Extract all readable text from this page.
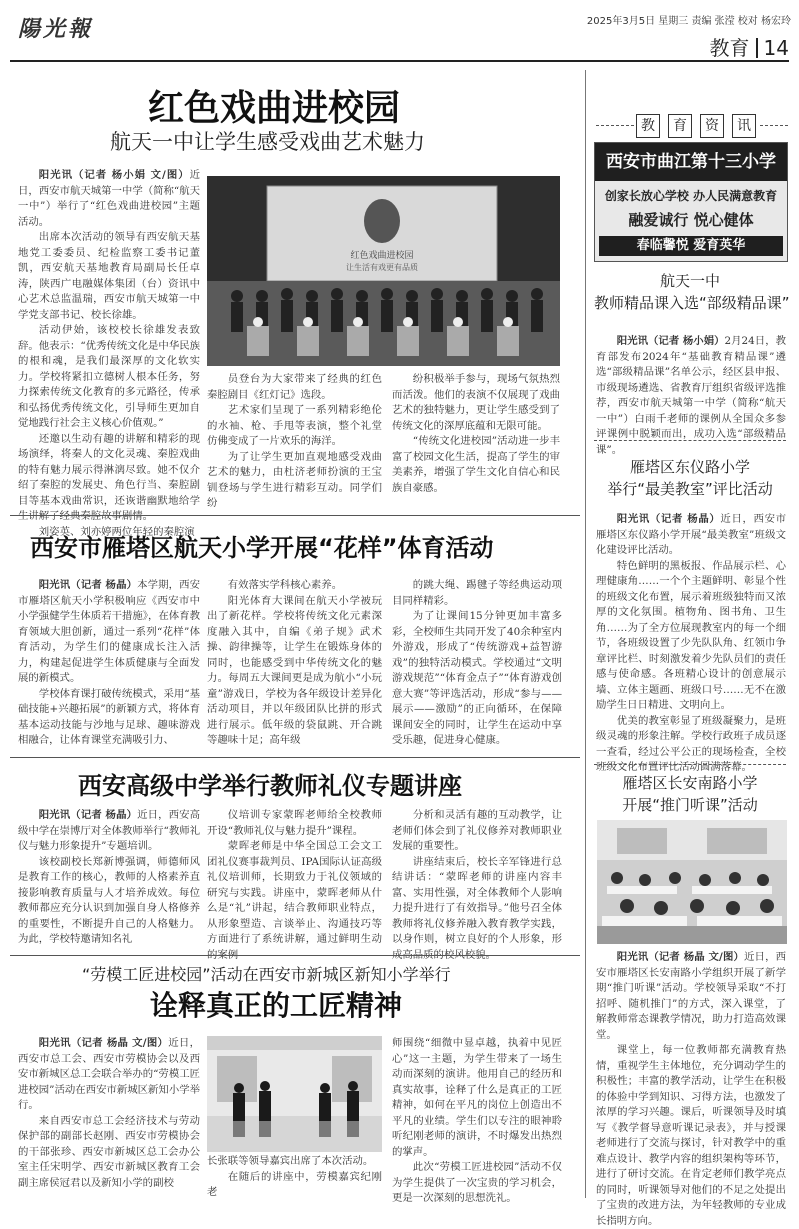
陽光報	2025年3月5日 星期三 责编 张滢 校对 杨宏玲
教育 14
红色戏曲进校园
航天一中让学生感受戏曲艺术魅力

阳光讯（记者 杨小娟 文/图）近日，西安市航天城第一中学（简称“航天一中”）举行了“红色戏曲进校园”主题活动。

出席本次活动的领导有西安航天基地党工委委员、纪检监察工委书记董凯，西安航天基地教育局副局长任卓涛，陕西广电融媒体集团（台）资讯中心艺术总监温瑞，西安市航天城第一中学党支部书记、校长徐雄。

活动伊始，该校校长徐雄发表致辞。他表示：“优秀传统文化是中华民族的根和魂，是我们最深厚的文化软实力。学校将紧扣立德树人根本任务，努力探索传统文化教育的多元路径，传承和弘扬优秀传统文化，引导师生更加自觉地践行社会主义核心价值观。”

还邀以生动有趣的讲解和精彩的现场演绎，将秦人的文化灵魂、秦腔戏曲的特有魅力展示得淋漓尽致。她不仅介绍了秦腔的发展史、角色行当、秦腔剧目等基本戏曲常识，还诙谐幽默地给学生讲解了经典秦腔故事剧情。

刘姿英、刘亦婷两位年轻的秦腔演

红色戏曲进校园
让生活有戏更有品质

员登台为大家带来了经典的红色秦腔剧目《红灯记》选段。

艺术家们呈现了一系列精彩绝伦的水袖、枪、手甩等表演，整个礼堂仿佛变成了一片欢乐的海洋。

为了让学生更加直观地感受戏曲艺术的魅力，由杜济老师扮演的王宝钏登场与学生进行精彩互动。同学们纷

纷积极举手参与，现场气氛热烈而活泼。他们的表演不仅展现了戏曲艺术的独特魅力，更让学生感受到了传统文化的深厚底蕴和无限可能。

“传统文化进校园”活动进一步丰富了校园文化生活，提高了学生的审美素养，增强了学生文化自信心和民族自豪感。

西安市雁塔区航天小学开展“花样”体育活动

阳光讯（记者 杨晶）本学期，西安市雁塔区航天小学积极响应《西安市中小学强健学生体质若干措施》，在体育教育领域大胆创新，通过一系列“花样”体育活动，为学生们的健康成长注入活力，构建起促进学生体质健康与全面发展的新模式。

学校体育课打破传统模式，采用“基础技能+兴趣拓展”的新颖方式，将体育基本运动技能与沙地与足球、趣味游戏相融合，让体育课堂充满吸引力、

有效落实学科核心素养。

阳光体育大课间在航天小学被玩出了新花样。学校将传统文化元素深度融入其中，自编《弟子规》武术操、韵律操等，让学生在锻炼身体的同时，也能感受到中华传统文化的魅力。每周五大课间更是成为航小“小玩童”游戏日，学校为各年级设计差异化活动项目，并以年级团队比拼的形式进行展示。低年级的袋鼠跳、开合跳等趣味十足；高年级

的跳大绳、踢毽子等经典运动项目同样精彩。

为了让课间15分钟更加丰富多彩，全校师生共同开发了40余种室内外游戏，形成了“传统游戏+益智游戏”的独特活动模式。学校通过“文明游戏规范”“体育金点子”“体育游戏创意大赛”等评选活动，形成“参与——展示——激励”的正向循环，在保障课间安全的同时，让学生在运动中享受乐趣，促进身心健康。

西安高级中学举行教师礼仪专题讲座

阳光讯（记者 杨晶）近日，西安高级中学在崇博厅对全体教师举行“教师礼仪与魅力形象提升”专题培训。

该校副校长郑新博强调，师德师风是教育工作的核心，教师的人格素养直接影响教育质量与人才培养成效。每位教师都应充分认识到加强自身人格修养的重要性，不断提升自己的人格魅力。为此，学校特邀请知名礼

仪培训专家蒙晖老师给全校教师开设“教师礼仪与魅力提升”课程。

蒙晖老师是中华全国总工会文工团礼仪赛事裁判员、IPA国际认证高级礼仪培训师，长期致力于礼仪领域的研究与实践。讲座中，蒙晖老师从什么是“礼”讲起，结合教师职业特点，从形象塑造、言谈举止、沟通技巧等方面进行了系统讲解，通过鲜明生动的案例

分析和灵活有趣的互动教学，让老师们体会到了礼仪修养对教师职业发展的重要性。

讲座结束后，校长辛军锋进行总结讲话：“蒙晖老师的讲座内容丰富、实用性强，对全体教师个人影响力提升进行了有效指导。”他号召全体教师将礼仪修养融入教育教学实践，以身作则，树立良好的个人形象，形成高品质的校风校貌。

“劳模工匠进校园”活动在西安市新城区新知小学举行
诠释真正的工匠精神

阳光讯（记者 杨晶 文/图）近日，西安市总工会、西安市劳模协会以及西安市新城区总工会联合举办的“劳模工匠进校园”活动在西安市新城区新知小学举行。

来自西安市总工会经济技术与劳动保护部的副部长赵刚、西安市劳模协会的干部张珍、西安市新城区总工会办公室主任宋明学、西安市新城区教育工会副主席侯冠君以及新知小学的副校

长张联等领导嘉宾出席了本次活动。

在随后的讲座中，劳模嘉宾纪刚老

师围绕“细微中显卓越，执着中见匠心”这一主题，为学生带来了一场生动而深刻的演讲。他用自己的经历和真实故事，诠释了什么是真正的工匠精神，如何在平凡的岗位上创造出不平凡的业绩。学生们以专注的眼神聆听纪刚老师的演讲，不时爆发出热烈的掌声。

此次“劳模工匠进校园”活动不仅为学生提供了一次宝贵的学习机会，更是一次深刻的思想洗礼。

教	育	资	讯
西安市曲江第十三小学
创家长放心学校 办人民满意教育
融爱诚行 悦心健体
春临馨悦 爱育英华
航天一中
教师精品课入选“部级精品课”

阳光讯（记者 杨小娟）2月24日，教育部发布2024年“基础教育精品课”遴选“部级精品课”名单公示，经区县申报、市级现场遴选、省教育厅组织省级评选推荐，西安市航天城第一中学（简称“航天一中”）白雨千老师的课例从全国众多参评课例中脱颖而出，成功入选“部级精品课”。

雁塔区东仪路小学
举行“最美教室”评比活动

阳光讯（记者 杨晶）近日，西安市雁塔区东仪路小学开展“最美教室”班级文化建设评比活动。

特色鲜明的黑板报、作品展示栏、心理健康角……一个个主题鲜明、彰显个性的班级文化布置，展示着班级独特而又浓厚的文化氛围。植物角、图书角、卫生角……为了全方位展现教室内的每一个细节，各班级设置了少先队队角、红领巾争章评比栏、时刻激发着少先队员们的责任感与使命感。各班精心设计的创意展示墙、立体主题画、班级口号……无不在激励学生日日精进、文明向上。

优美的教室彰显了班级凝聚力，是班级灵魂的形象注解。学校行政班子成员逐一查看，经过公平公正的现场检查，全校班级文化布置评比活动圆满落幕。

雁塔区长安南路小学
开展“推门听课”活动

阳光讯（记者 杨晶 文/图）近日，西安市雁塔区长安南路小学组织开展了新学期“推门听课”活动。学校领导采取“不打招呼、随机推门”的方式，深入课堂，了解教师常态课教学情况，助力打造高效课堂。

课堂上，每一位教师都充满教育热情，重视学生主体地位，充分调动学生的积极性；丰富的教学活动，让学生在积极的体验中学到知识、习得方法，也激发了浓厚的学习兴趣。课后，听课领导及时填写《教学督导意听课记录表》，并与授课老师进行了交流与探讨，针对教学中的重难点设计、教学内容的组织架构等环节，进行了研讨交流。在肯定老师们教学亮点的同时，听课领导对他们的不足之处提出了宝贵的改进方法，为年轻教师的专业成长指明方向。
